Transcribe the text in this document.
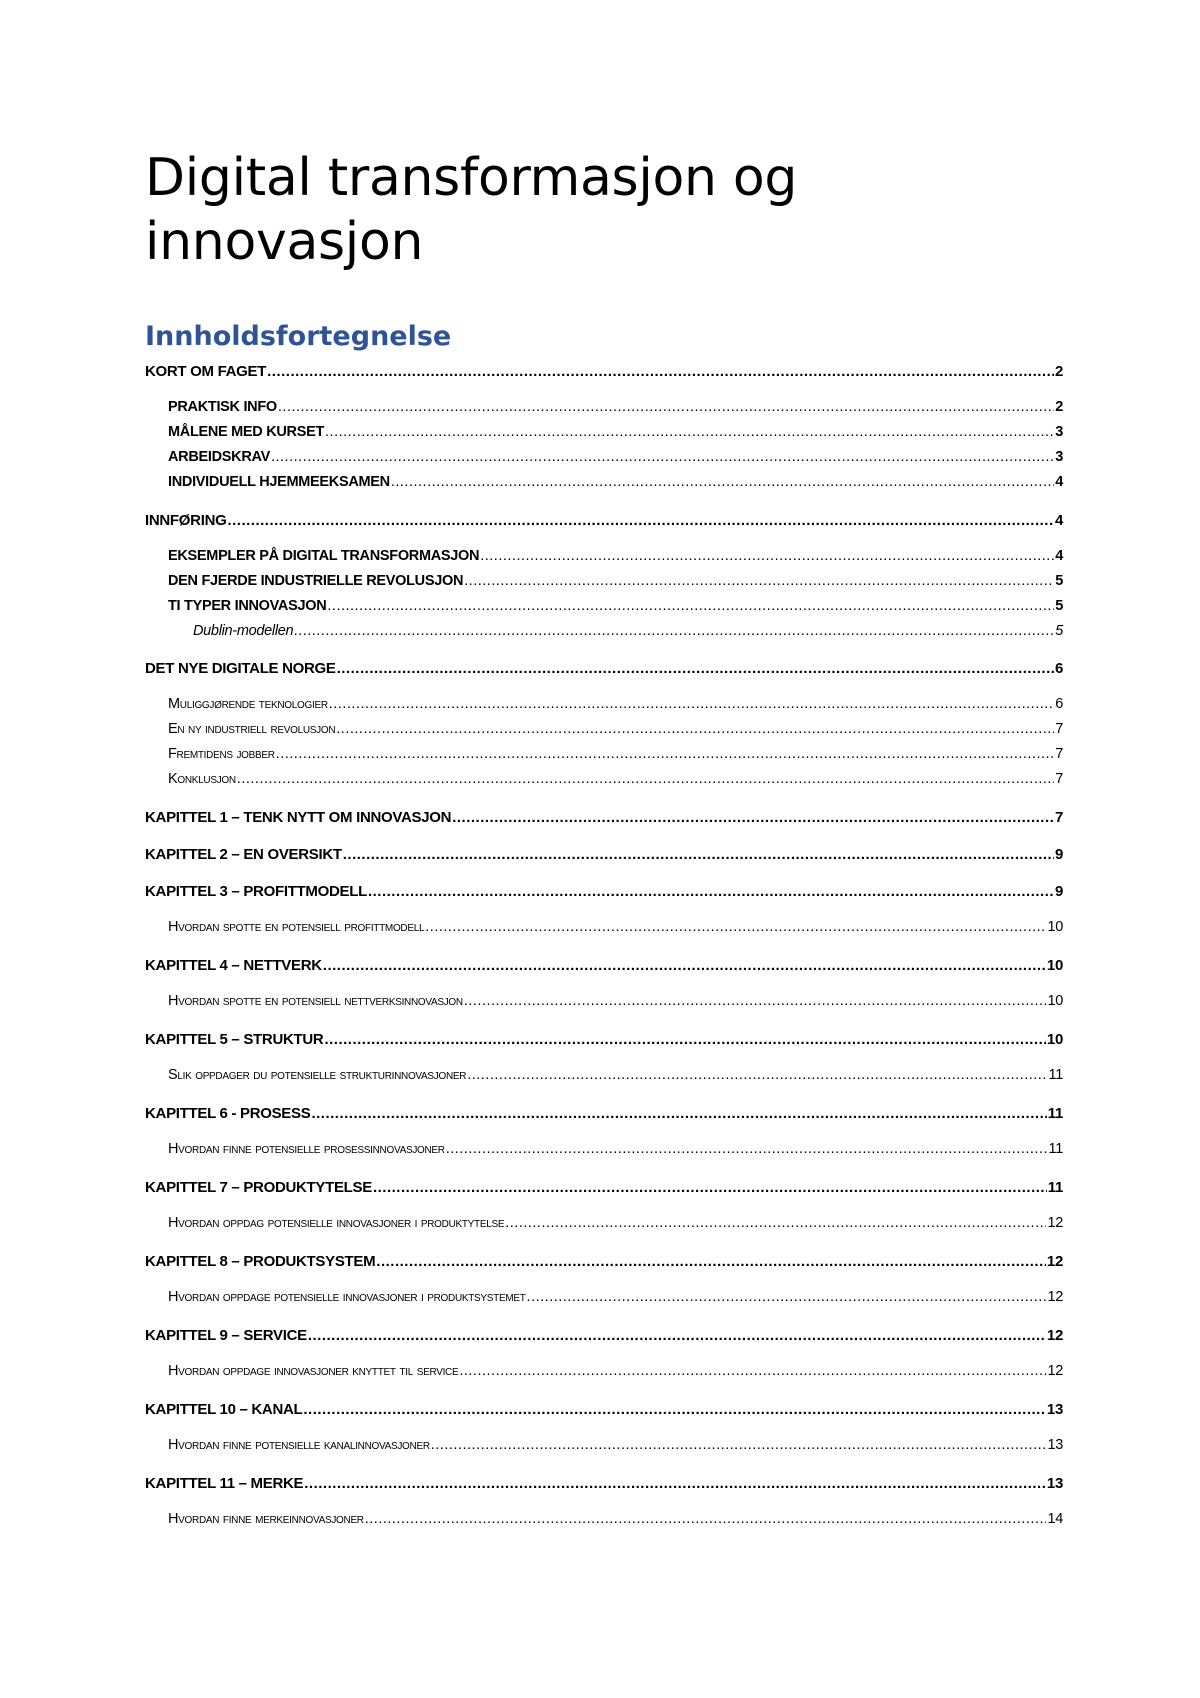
Digital transformasjon og innovasjon
Innholdsfortegnelse
KORT OM FAGET .....	2
PRAKTISK INFO .....	2
MÅLENE MED KURSET .....	3
ARBEIDSKRAV .....	3
INDIVIDUELL HJEMMEEKSAMEN .....	4
INNFØRING .....	4
EKSEMPLER PÅ DIGITAL TRANSFORMASJON .....	4
DEN FJERDE INDUSTRIELLE REVOLUSJON .....	5
TI TYPER INNOVASJON .....	5
Dublin-modellen .....	5
DET NYE DIGITALE NORGE .....	6
Muliggjørende teknologier .....	6
En ny industriell revolusjon .....	7
Fremtidens jobber .....	7
Konklusjon .....	7
KAPITTEL 1 – TENK NYTT OM INNOVASJON .....	7
KAPITTEL 2 – EN OVERSIKT .....	9
KAPITTEL 3 – PROFITTMODELL .....	9
Hvordan spotte en potensiell profittmodell .....	10
KAPITTEL 4 – NETTVERK .....	10
Hvordan spotte en potensiell nettverksinnovasjon .....	10
KAPITTEL 5 – STRUKTUR .....	10
Slik oppdager du potensielle strukturinnovasjoner .....	11
KAPITTEL 6 - PROSESS .....	11
Hvordan finne potensielle prosessinnovasjoner .....	11
KAPITTEL 7 – PRODUKTYTELSE .....	11
Hvordan oppdag potensielle innovasjoner i produktytelse .....	12
KAPITTEL 8 – PRODUKTSYSTEM .....	12
Hvordan oppdage potensielle innovasjoner i produktsystemet .....	12
KAPITTEL 9 – SERVICE .....	12
Hvordan oppdage innovasjoner knyttet til service .....	12
KAPITTEL 10 – KANAL .....	13
Hvordan finne potensielle kanalinnovasjoner .....	13
KAPITTEL 11 – MERKE .....	13
Hvordan finne merkeinnovasjoner .....	14
